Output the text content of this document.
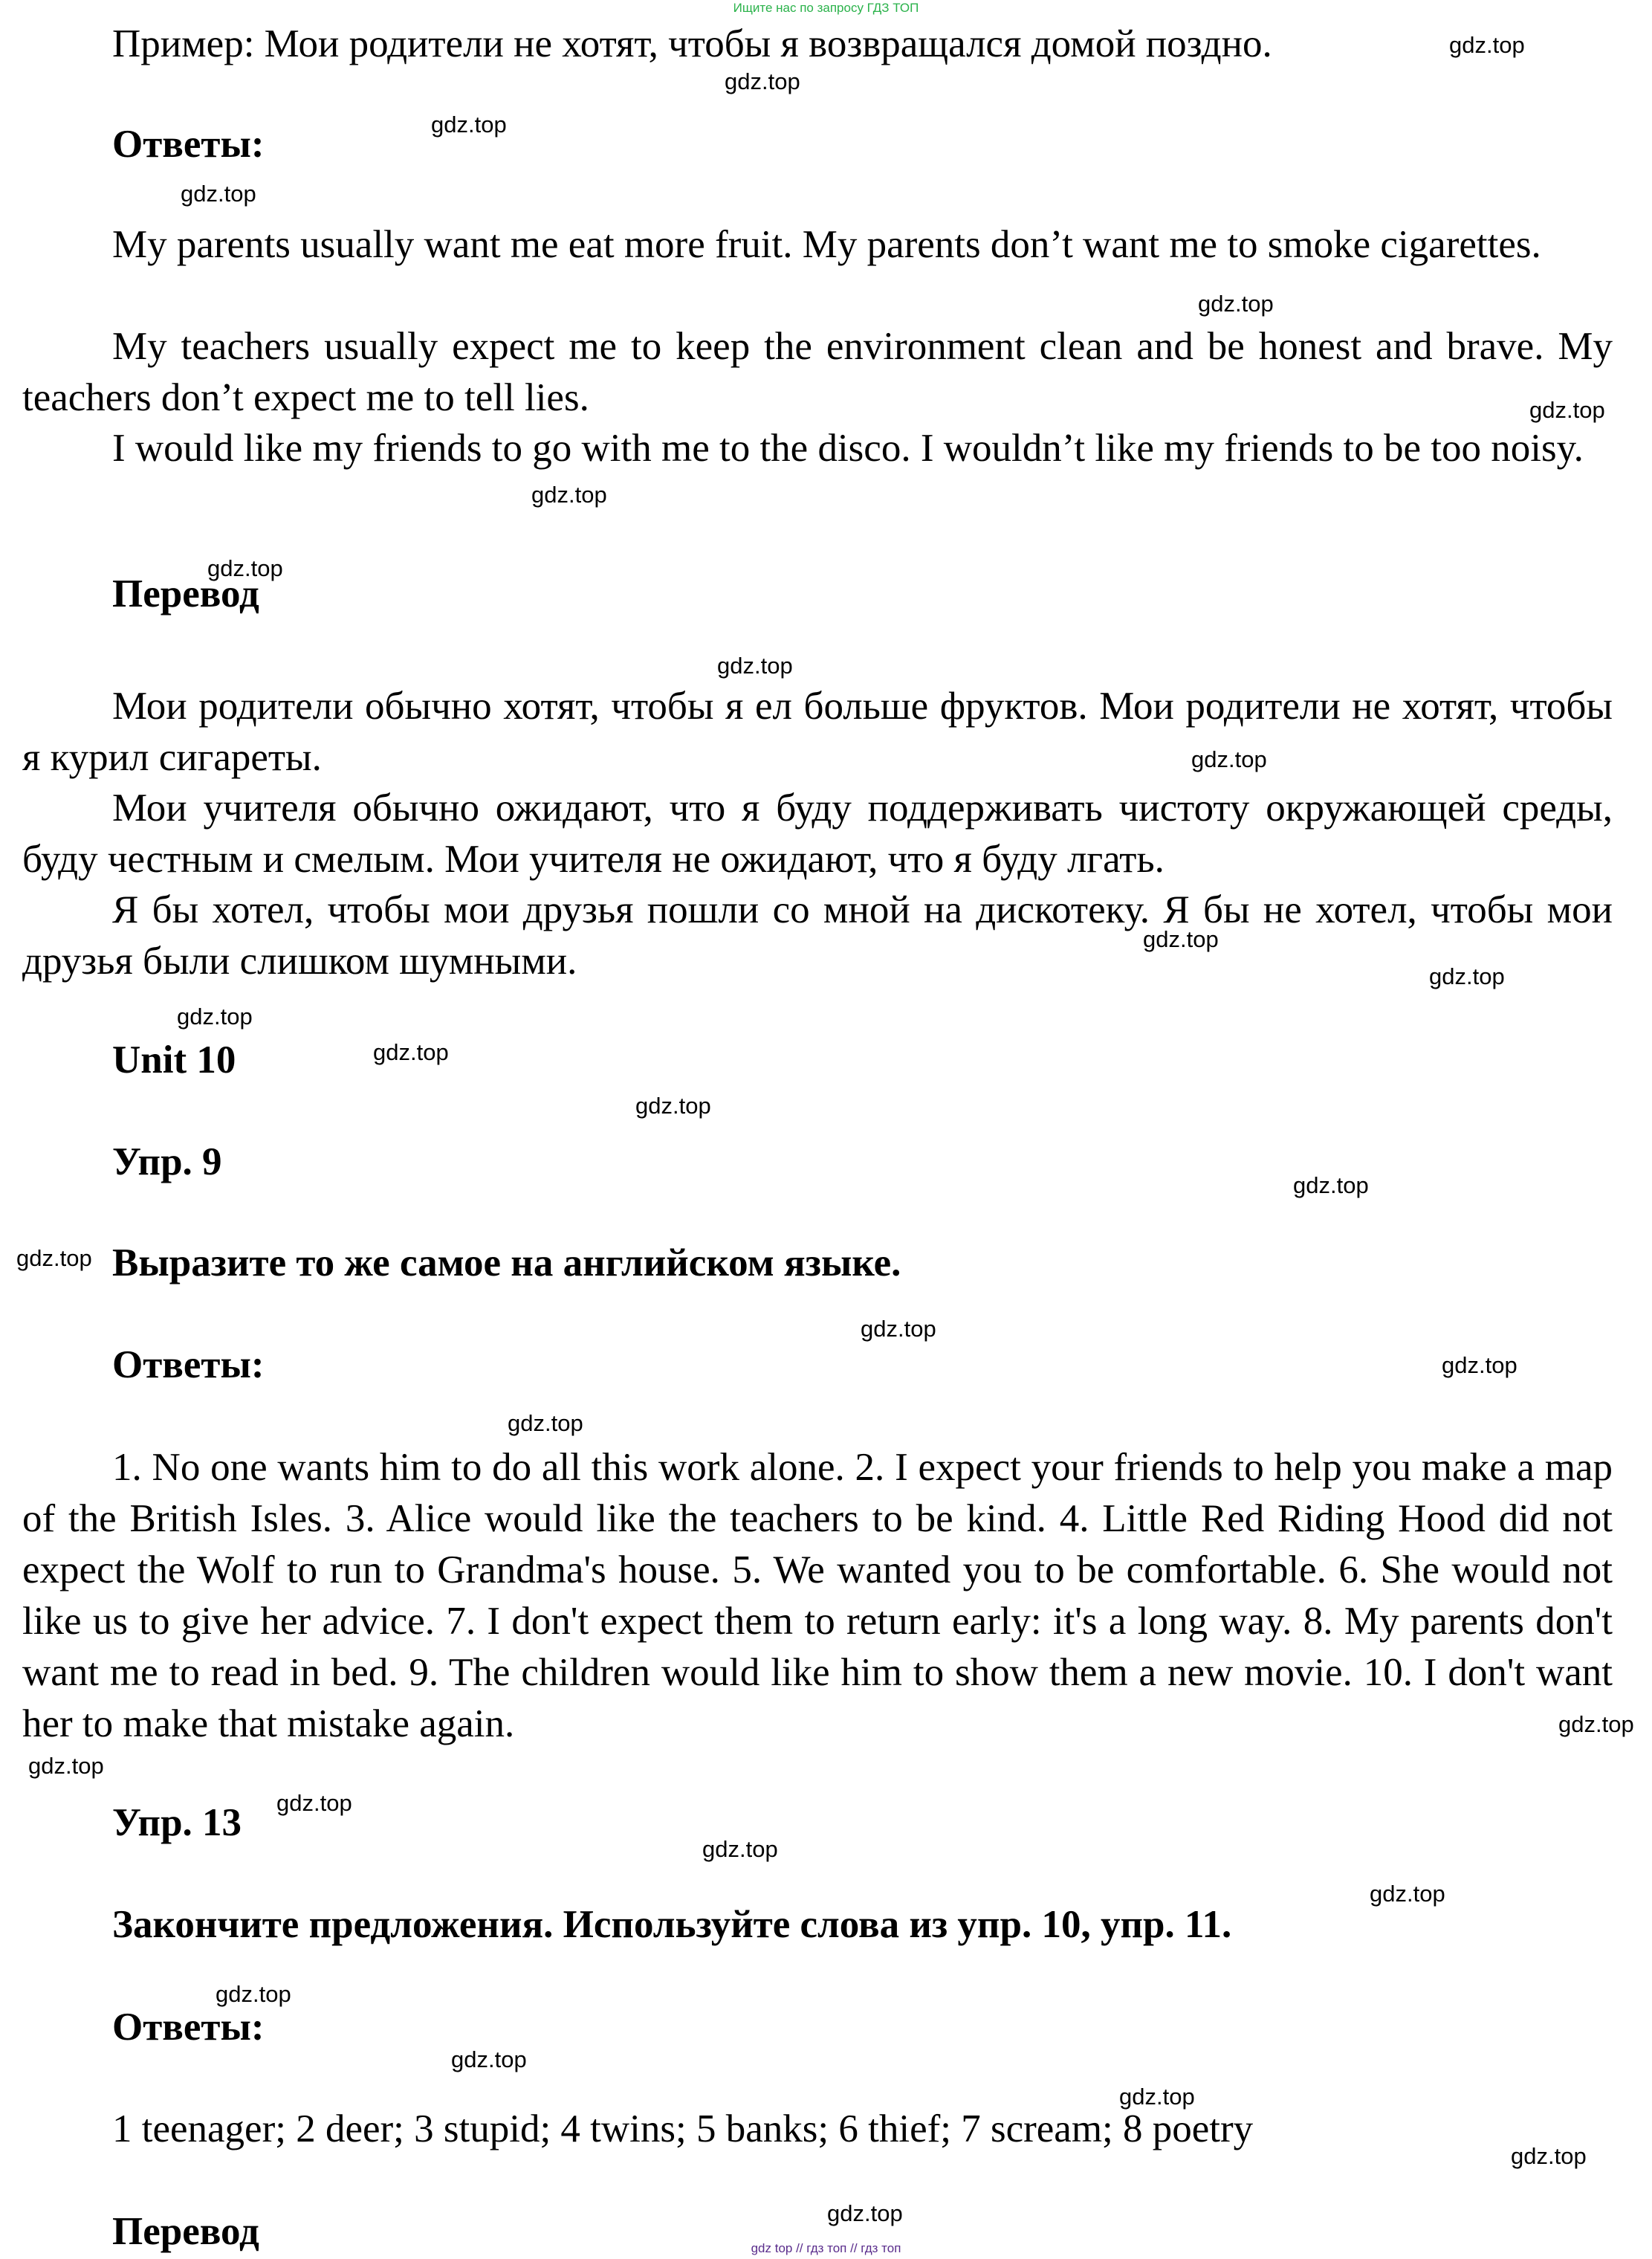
Ищите нас по запросу ГДЗ ТОП

Пример: Мои родители не хотят, чтобы я возвращался домой поздно.

Ответы:

My parents usually want me eat more fruit. My parents don’t want me to smoke cigarettes.

My teachers usually expect me to keep the environment clean and be honest and brave. My teachers don’t expect me to tell lies.

I would like my friends to go with me to the disco. I wouldn’t like my friends to be too noisy.

Перевод

Мои родители обычно хотят, чтобы я ел больше фруктов. Мои родители не хотят, чтобы я курил сигареты.

Мои учителя обычно ожидают, что я буду поддерживать чистоту окружающей среды, буду честным и смелым. Мои учителя не ожидают, что я буду лгать.

Я бы хотел, чтобы мои друзья пошли со мной на дискотеку. Я бы не хотел, чтобы мои друзья были слишком шумными.

Unit 10
Упр. 9
Выразите то же самое на английском языке.
Ответы:

1. No one wants him to do all this work alone. 2. I expect your friends to help you make a map of the British Isles. 3. Alice would like the teachers to be kind. 4. Little Red Riding Hood did not expect the Wolf to run to Grandma's house. 5. We wanted you to be comfortable. 6. She would not like us to give her advice. 7. I don't expect them to return early: it's a long way. 8. My parents don't want me to read in bed. 9. The children would like him to show them a new movie. 10. I don't want her to make that mistake again.

Упр. 13
Закончите предложения. Используйте слова из упр. 10, упр. 11.
Ответы:
1 teenager; 2 deer; 3 stupid; 4 twins; 5 banks; 6 thief; 7 scream; 8 poetry
Перевод
gdz.top
gdz.top
gdz.top
gdz.top
gdz.top
gdz.top
gdz.top
gdz.top
gdz.top
gdz.top
gdz.top
gdz.top
gdz.top
gdz.top
gdz.top
gdz.top
gdz.top
gdz.top
gdz.top
gdz.top
gdz.top
gdz.top
gdz.top
gdz.top
gdz.top
gdz.top
gdz.top
gdz.top
gdz.top
gdz.top
gdz top // гдз топ // гдз топ
